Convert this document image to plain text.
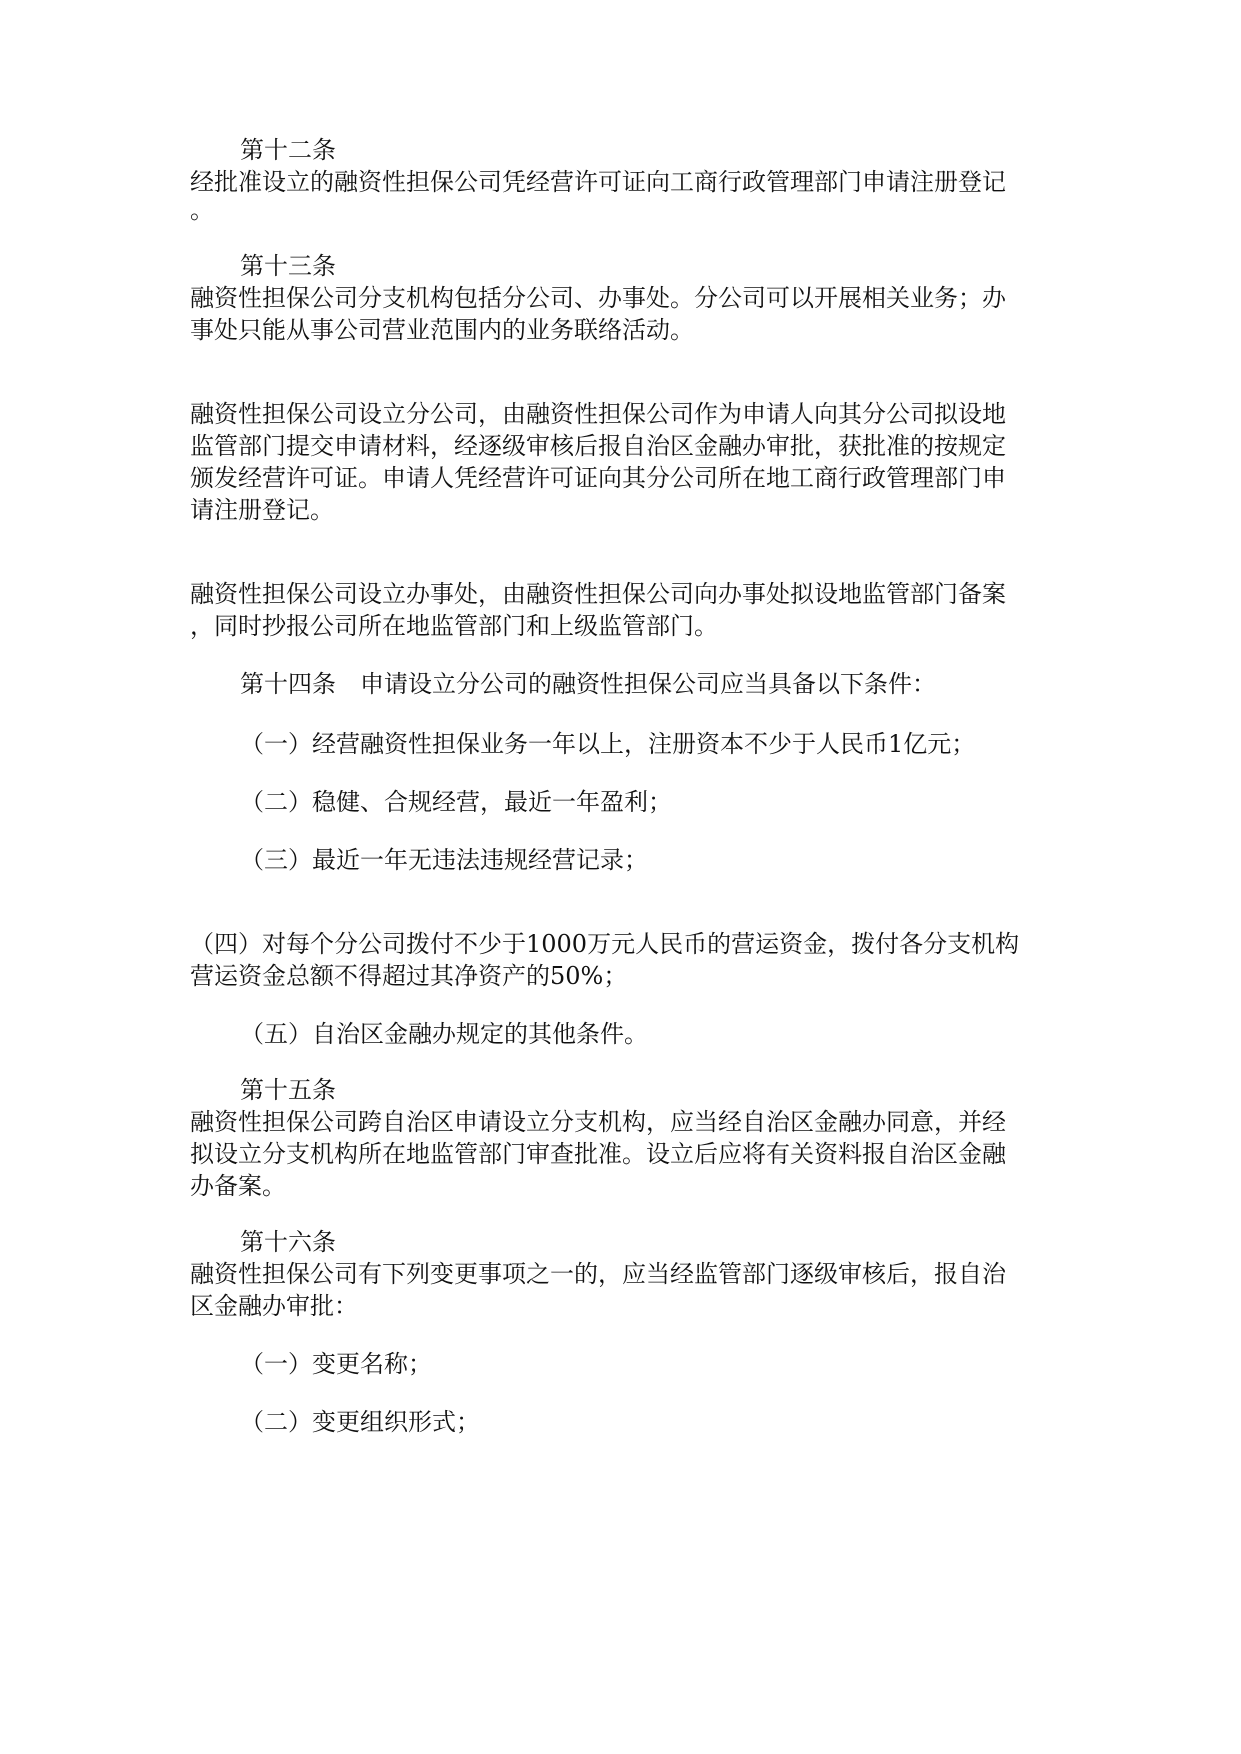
第十二条
经批准设立的融资性担保公司凭经营许可证向工商行政管理部门申请注册登记
。
第十三条
融资性担保公司分支机构包括分公司、办事处。分公司可以开展相关业务；办
事处只能从事公司营业范围内的业务联络活动。
融资性担保公司设立分公司，由融资性担保公司作为申请人向其分公司拟设地
监管部门提交申请材料，经逐级审核后报自治区金融办审批，获批准的按规定
颁发经营许可证。申请人凭经营许可证向其分公司所在地工商行政管理部门申
请注册登记。
融资性担保公司设立办事处，由融资性担保公司向办事处拟设地监管部门备案
，同时抄报公司所在地监管部门和上级监管部门。
第十四条　申请设立分公司的融资性担保公司应当具备以下条件：
（一）经营融资性担保业务一年以上，注册资本不少于人民币1亿元；
（二）稳健、合规经营，最近一年盈利；
（三）最近一年无违法违规经营记录；
（四）对每个分公司拨付不少于1000万元人民币的营运资金，拨付各分支机构
营运资金总额不得超过其净资产的50%；
（五）自治区金融办规定的其他条件。
第十五条
融资性担保公司跨自治区申请设立分支机构，应当经自治区金融办同意，并经
拟设立分支机构所在地监管部门审查批准。设立后应将有关资料报自治区金融
办备案。
第十六条
融资性担保公司有下列变更事项之一的，应当经监管部门逐级审核后，报自治
区金融办审批：
（一）变更名称；
（二）变更组织形式；
